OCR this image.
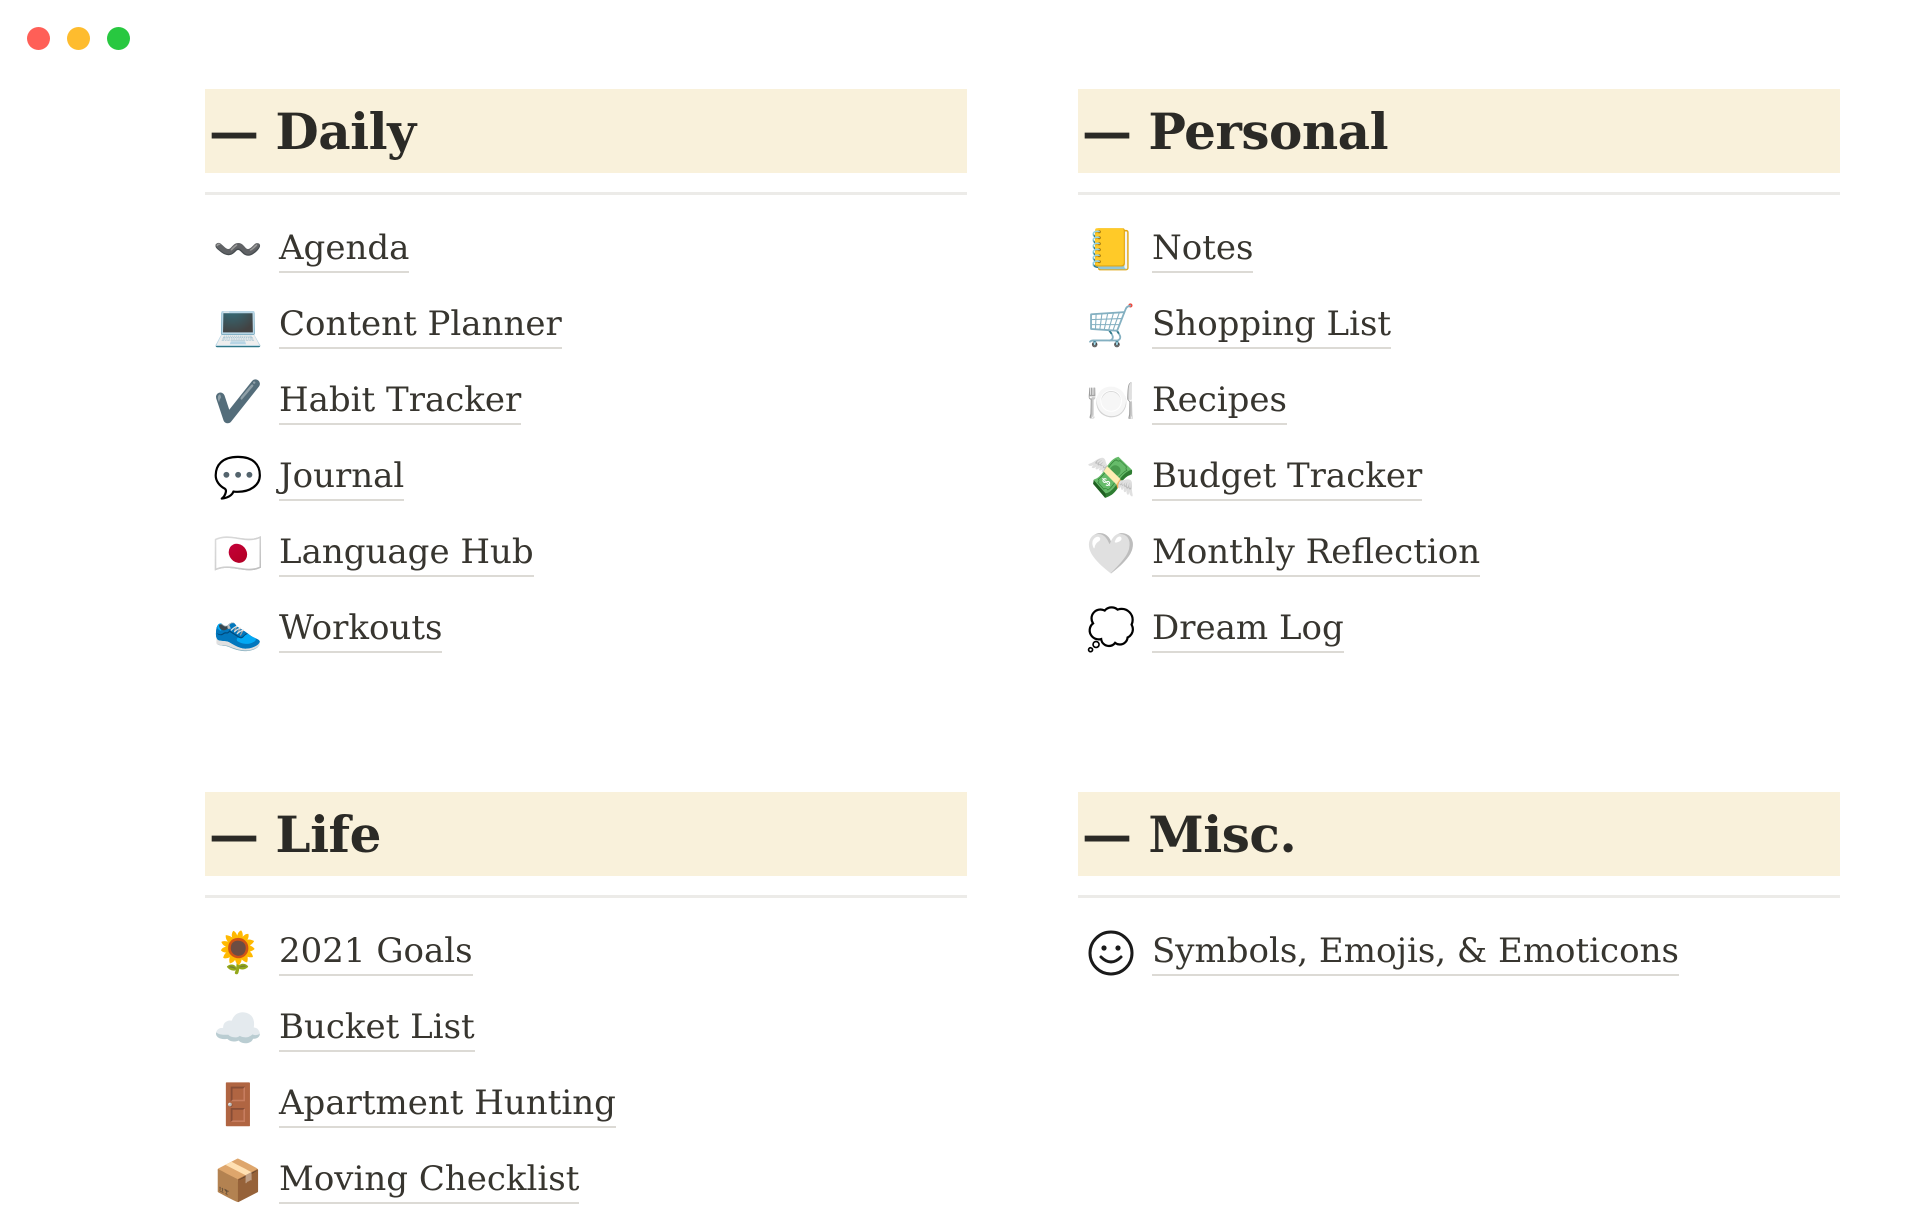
— Daily
〰️ Agenda
💻 Content Planner
✔️ Habit Tracker
💬 Journal
🇯🇵 Language Hub
👟 Workouts
— Personal
📒 Notes
🛒 Shopping List
🍽️ Recipes
💸 Budget Tracker
🤍 Monthly Reflection
💭 Dream Log
— Life
🌻 2021 Goals
☁️ Bucket List
🚪 Apartment Hunting
📦 Moving Checklist
— Misc.
Symbols, Emojis, & Emoticons
